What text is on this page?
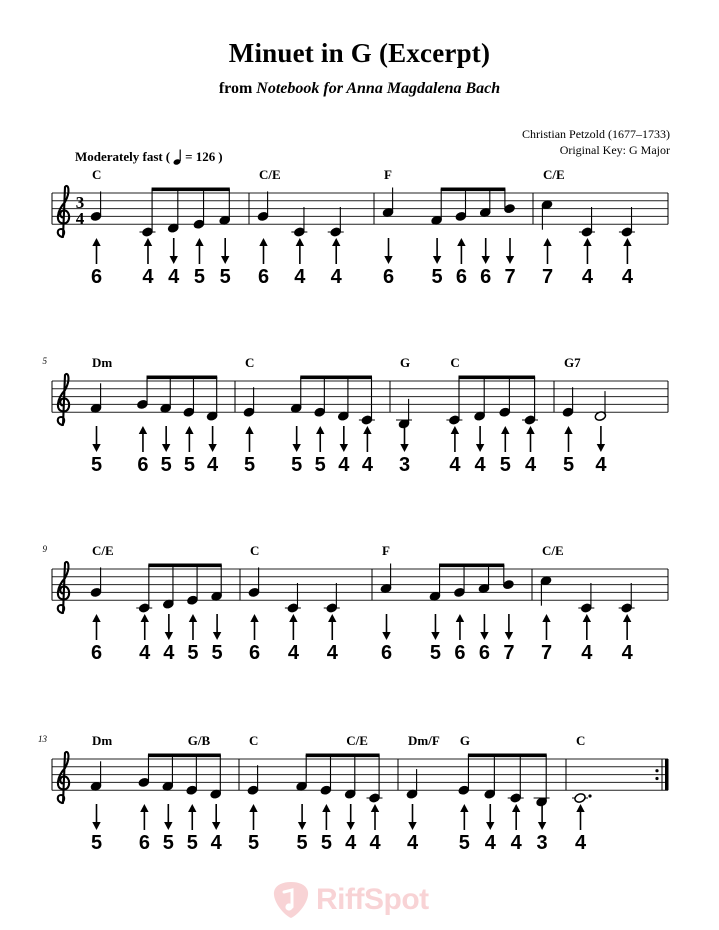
Minuet in G (Excerpt)
from Notebook for Anna Magdalena Bach
Christian Petzold (1677–1733)
Original Key: G Major
Moderately fast ( = 126 )
3
4
C
6 4 4 5 5
C/E
6 4 4
F
6 5 6 6 7
C/E
7 4 4
5	Dm
5 6 5 5 4
C
5 5 5 4 4
G	C
3 4 4 5 4
G7
5 4
9	C/E
6 4 4 5 5
C
6 4 4
F
6 5 6 6 7
C/E
7 4 4
13	Dm	G/B
5 6 5 5 4
C	C/E
5 5 5 4 4
Dm/F G
4 5 4 4 3
C
4
RiffSpot
